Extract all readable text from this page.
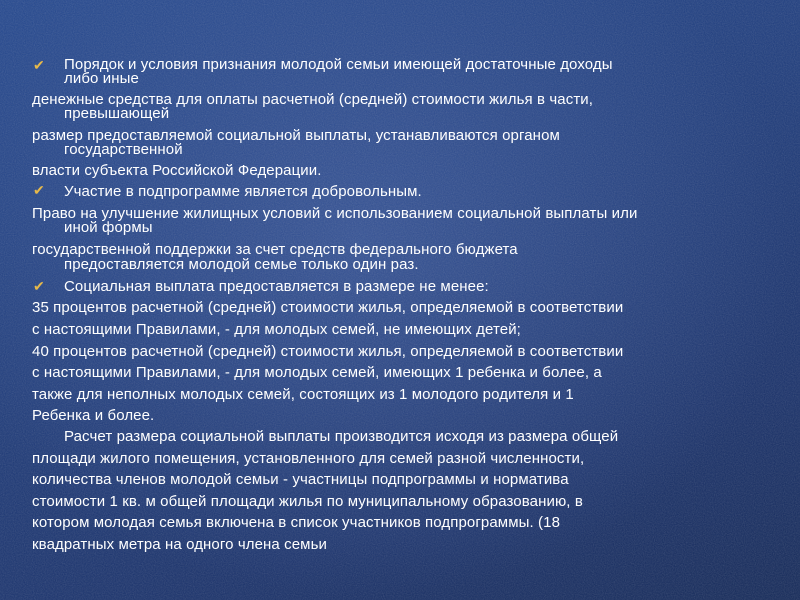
✔
✔
✔
Порядок и условия признания молодой семьи имеющей достаточные доходы
либо иные
денежные средства для оплаты расчетной (средней) стоимости жилья в части,
превышающей
размер предоставляемой социальной выплаты, устанавливаются органом
государственной
власти субъекта Российской Федерации.
Участие в подпрограмме является добровольным.
Право на улучшение жилищных условий с использованием социальной выплаты или
иной формы
государственной поддержки за счет средств федерального бюджета
предоставляется молодой семье только один раз.
Социальная выплата предоставляется в размере не менее:
35 процентов расчетной (средней) стоимости жилья, определяемой в соответствии
с настоящими Правилами, - для молодых семей, не имеющих детей;
40 процентов расчетной (средней) стоимости жилья, определяемой в соответствии
с настоящими Правилами, - для молодых семей, имеющих 1 ребенка и более, а
также для неполных молодых семей, состоящих из 1 молодого родителя и 1
Ребенка и более.
Расчет размера социальной выплаты производится исходя из размера общей
площади жилого помещения, установленного для семей разной численности,
количества членов молодой семьи - участницы подпрограммы и норматива
стоимости 1 кв. м общей площади жилья по муниципальному образованию, в
котором молодая семья включена в список участников подпрограммы. (18
квадратных метра на одного члена семьи
